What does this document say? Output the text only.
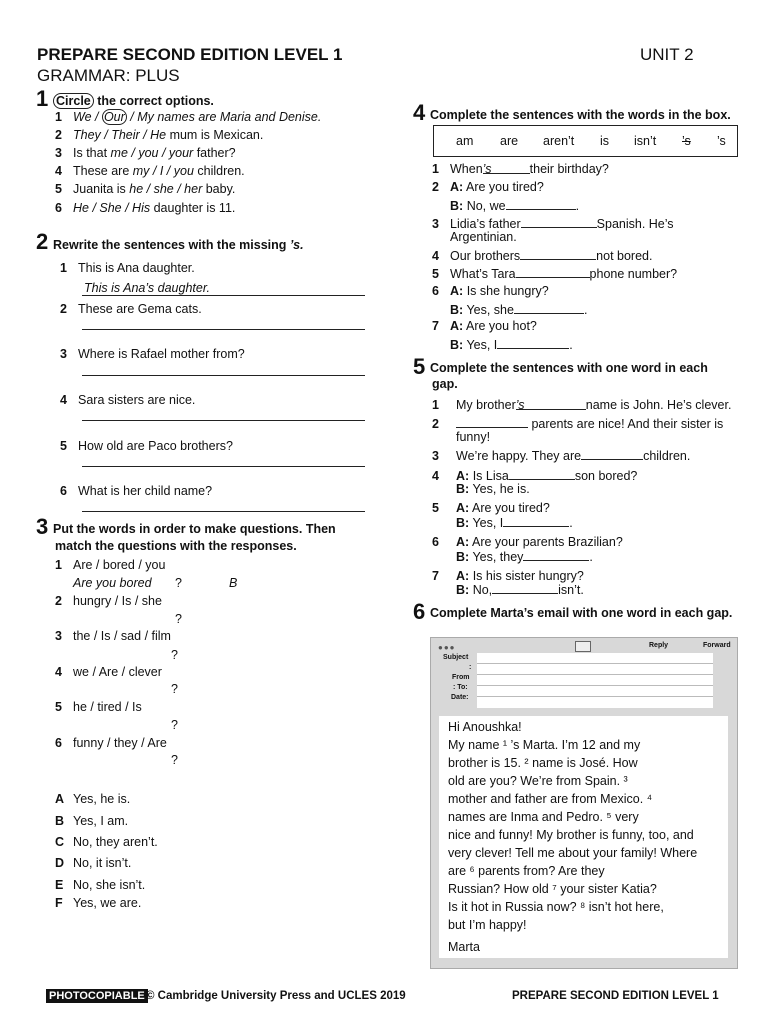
PREPARE SECOND EDITION LEVEL 1	UNIT 2
GRAMMAR: PLUS
1 Circle the correct options.
1 We / Our / My names are Maria and Denise.
2 They / Their / He mum is Mexican.
3 Is that me / you / your father?
4 These are my / I / you children.
5 Juanita is he / she / her baby.
6 He / She / His daughter is 11.
2 Rewrite the sentences with the missing ’s.
1 This is Ana daughter.
This is Ana’s daughter.
2 These are Gema cats.
3 Where is Rafael mother from?
4 Sara sisters are nice.
5 How old are Paco brothers?
6 What is her child name?
3 Put the words in order to make questions. Then
match the questions with the responses.
1 Are / bored / you
Are you bored ?	B
2 hungry / Is / she
?
3 the / Is / sad / film
?
4 we / Are / clever
?
5 he / tired / Is
?
6 funny / they / Are
?
A Yes, he is.
B Yes, I am.
C No, they aren’t.
D No, it isn’t.
E No, she isn’t.
F Yes, we are.
4 Complete the sentences with the words in the box.
am are aren’t is isn’t ’s ’s
1 When’s	their birthday?
2 A: Are you tired?
B: No, we	.
3 Lidia’s father	Spanish. He’s
Argentinian.
4 Our brothers	not bored.
5 What’s Tara	phone number?
6 A: Is she hungry?
B: Yes, she	.
7 A: Are you hot?
B: Yes, I	.
5 Complete the sentences with one word in each
gap.
1 My brother’s	name is John. He’s clever.
2	parents are nice! And their sister is
funny!
3 We’re happy. They are	children.
4 A: Is Lisa	son bored?
B: Yes, he is.
5 A: Are you tired?
B: Yes, I	.
6 A: Are your parents Brazilian?
B: Yes, they	.
7 A: Is his sister hungry?
B: No,	isn’t.
6 Complete Marta’s email with one word in each gap.
●●●	Reply	Forward
Subject
:
From
: To:
Date:
Hi Anoushka!
My name ¹ ’s Marta. I’m 12 and my
brother is 15. ² name is José. How
old are you? We’re from Spain. ³
mother and father are from Mexico. ⁴
names are Inma and Pedro. ⁵ very
nice and funny! My brother is funny, too, and
very clever! Tell me about your family! Where
are ⁶ parents from? Are they
Russian? How old ⁷ your sister Katia?
Is it hot in Russia now? ⁸ isn’t hot here,
but I’m happy!
Marta
PHOTOCOPIABLE © Cambridge University Press and UCLES 2019	PREPARE SECOND EDITION LEVEL 1
